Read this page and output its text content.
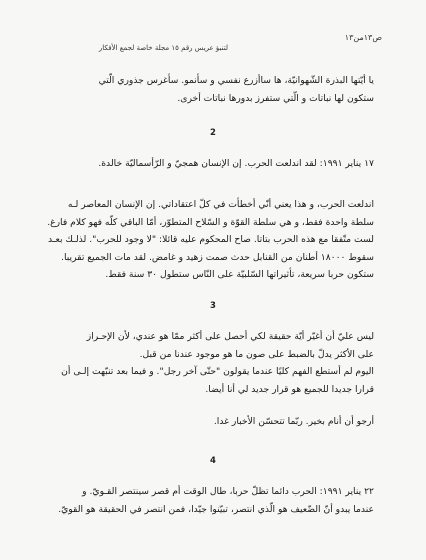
ص١٣من١٣
لتنبؤ عريس رقم ١٥ مجلة خاصة لجمع الأفكار

يا أيّتها البذرة الشّهوانيّة، ها ساأزرع نفسي و سأنمو. سأغرس جذوري الّتي
ستكون لها نباتات و الّتي ستفرز بدورها نباتات أخرى.

2

١٧ يناير ١٩٩١: لقد اندلعت الحرب. إن الإنسان همجيّ و الرّأسماليّة خالدة.

اندلعت الحرب، و هذا يعني أنّي أخطأت في كلّ اعتقاداتي. إن الإنسان المعاصر لـه
سلطة واحدة فقط، و هي سلطة القوّة و السّلاح المتطوّر، أمّا الباقي كلّه فهو كلام فارغ.
لست متّفقا مع هذه الحرب بتاتا. صاح المحكوم عليه قائلا: "لا وجود للحرب". لذلـك بعـد
سقوط ١٨٠٠٠ أطنان من القنابل حدث صمت زهيد و غامض. لقد مات الجميع تقريبا.
ستكون حربا سريعة، تأثيراتها السّلبيّة على النّاس ستطول ٣٠ سنة فقط.

3

ليس عليّ أن أغيّر أيّة حقيقة لكي أحصل على أكثر ممّا هو عندي، لأن الإحـراز
على الأكثر يدلّ بالضبط على صون ما هو موجود عندنا من قبل.
اليوم لم أستطع الفهم كليًا عندما يقولون "حتّى آخر رجل". و فيما بعد تنبّهت إلـى أن
قرارا جديدا للجميع هو قرار جديد لي أنا أيضا.

أرجو أن أنام بخير. ربّما تتحسّن الأخبار غدا.

4

٢٢ يناير ١٩٩١: الحرب دائما تظلّ حربا، طال الوقت أم قصر سينتصر القـويّ. و
عندما يبدو أنّ الضّعيف هو الّذي انتصر، تبيّنوا جيّدا، فمن انتصر في الحقيقة هو القويّ.
